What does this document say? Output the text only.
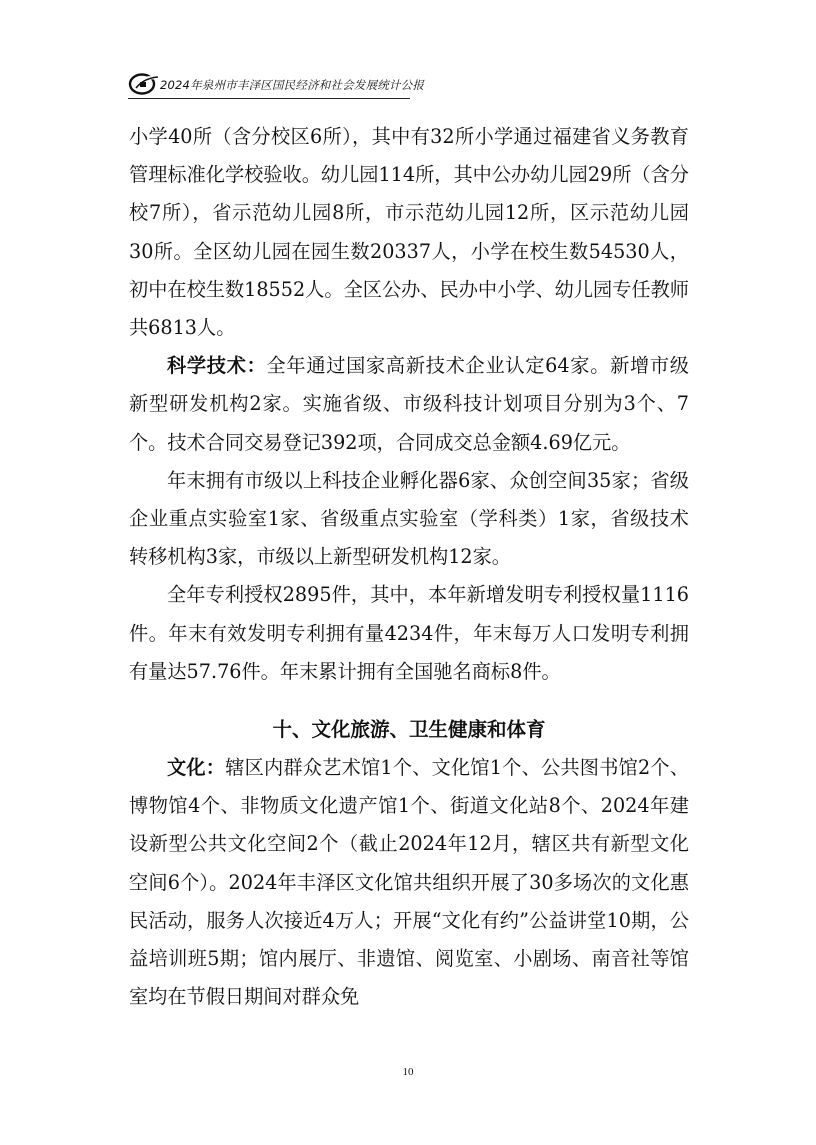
2024年泉州市丰泽区国民经济和社会发展统计公报

小学40所（含分校区6所），其中有32所小学通过福建省义务教育管理标准化学校验收。幼儿园114所，其中公办幼儿园29所（含分校7所），省示范幼儿园8所，市示范幼儿园12所，区示范幼儿园30所。全区幼儿园在园生数20337人，小学在校生数54530人，初中在校生数18552人。全区公办、民办中小学、幼儿园专任教师共6813人。

科学技术：全年通过国家高新技术企业认定64家。新增市级新型研发机构2家。实施省级、市级科技计划项目分别为3个、7个。技术合同交易登记392项，合同成交总金额4.69亿元。

年末拥有市级以上科技企业孵化器6家、众创空间35家；省级企业重点实验室1家、省级重点实验室（学科类）1家，省级技术转移机构3家，市级以上新型研发机构12家。

全年专利授权2895件，其中，本年新增发明专利授权量1116件。年末有效发明专利拥有量4234件，年末每万人口发明专利拥有量达57.76件。年末累计拥有全国驰名商标8件。

十、文化旅游、卫生健康和体育

文化：辖区内群众艺术馆1个、文化馆1个、公共图书馆2个、博物馆4个、非物质文化遗产馆1个、街道文化站8个、2024年建设新型公共文化空间2个（截止2024年12月，辖区共有新型文化空间6个）。2024年丰泽区文化馆共组织开展了30多场次的文化惠民活动，服务人次接近4万人；开展“文化有约”公益讲堂10期，公益培训班5期；馆内展厅、非遗馆、阅览室、小剧场、南音社等馆室均在节假日期间对群众免

10
